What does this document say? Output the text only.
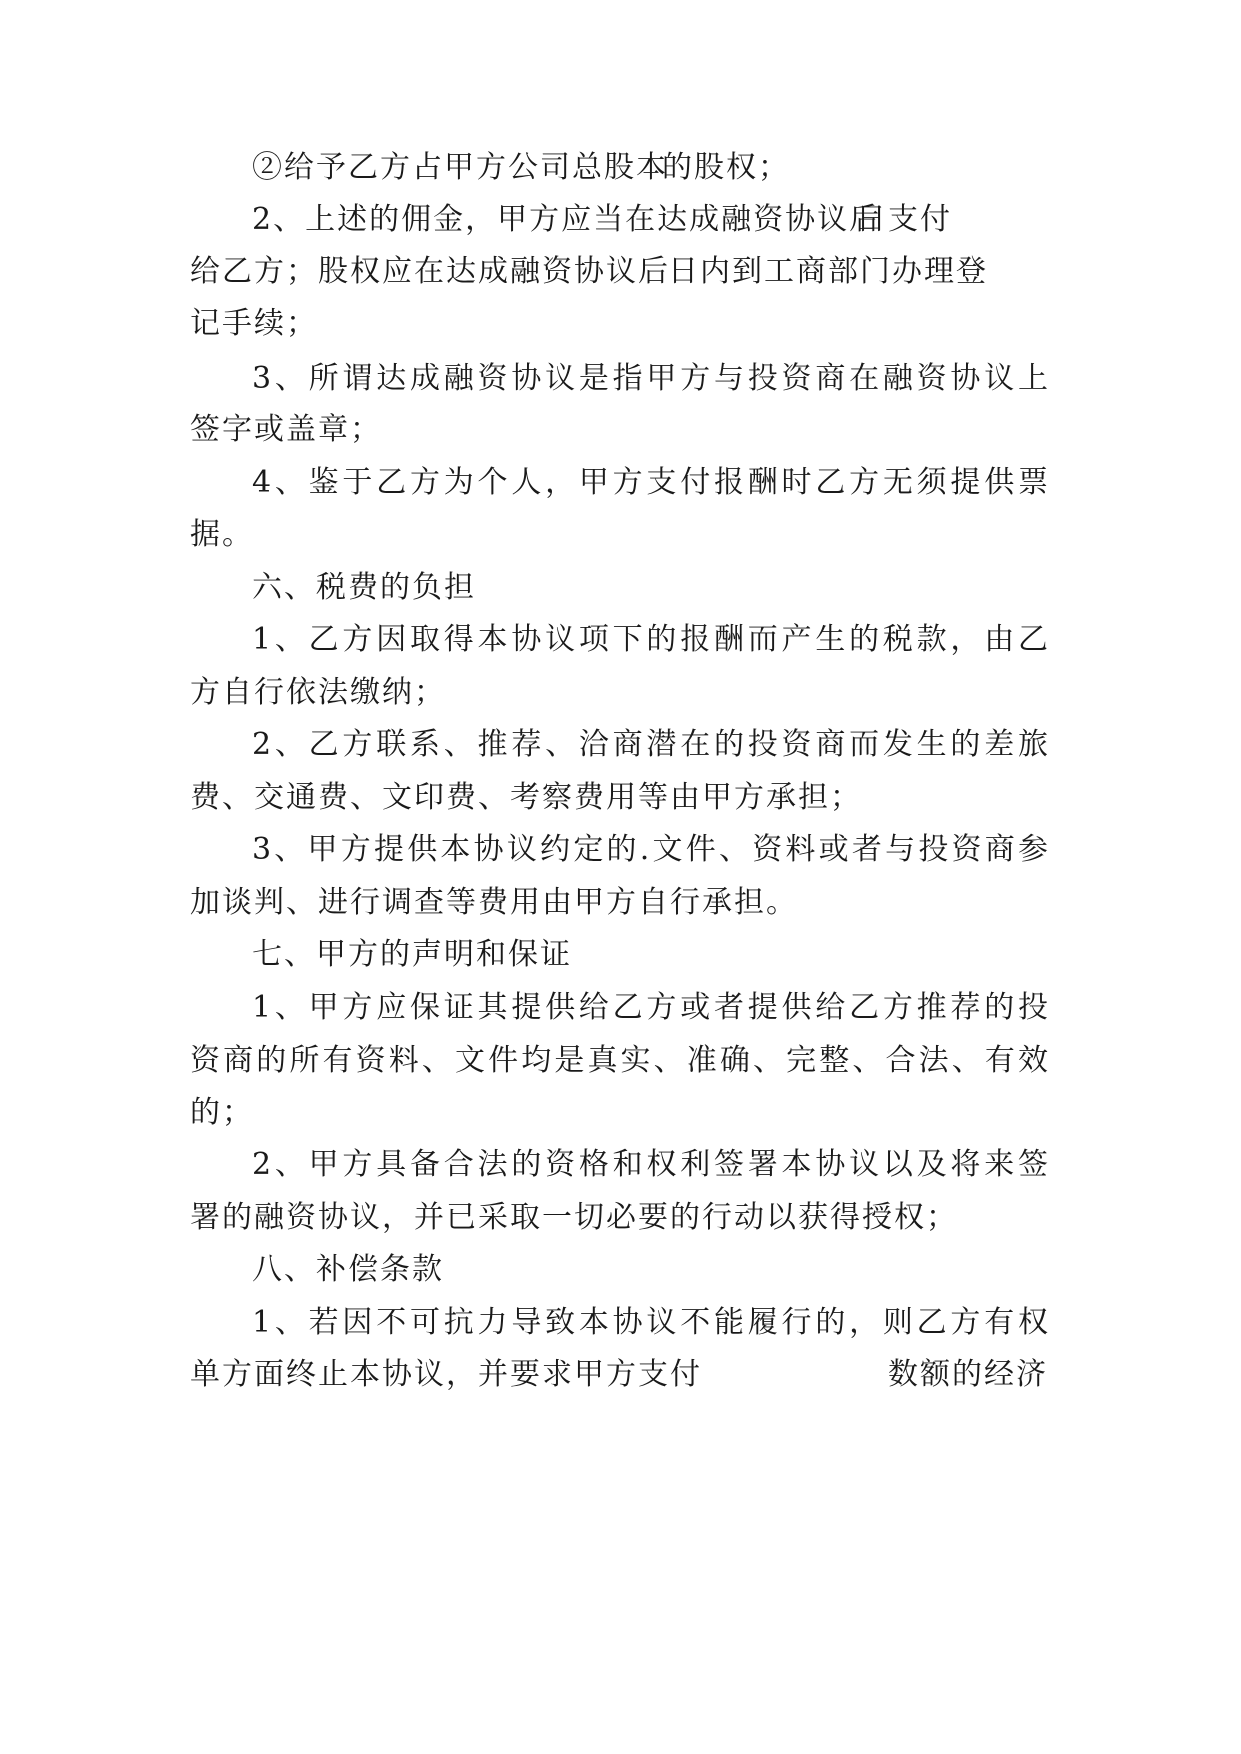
②给予乙方占甲方公司总股本
的股权；
2、上述的佣金，甲方应当在达成融资协议后
日支付
给乙方；股权应在达成融资协议后
日内到工商部门办理登
记手续；
3、所谓达成融资协议是指甲方与投资商在融资协议上
签字或盖章；
4、鉴于乙方为个人，甲方支付报酬时乙方无须提供票
据。
六、税费的负担
1、乙方因取得本协议项下的报酬而产生的税款，由乙
方自行依法缴纳；
2、乙方联系、推荐、洽商潜在的投资商而发生的差旅
费、交通费、文印费、考察费用等由甲方承担；
3、甲方提供本协议约定的.文件、资料或者与投资商参
加谈判、进行调查等费用由甲方自行承担。
七、甲方的声明和保证
1、甲方应保证其提供给乙方或者提供给乙方推荐的投
资商的所有资料、文件均是真实、准确、完整、合法、有效
的；
2、甲方具备合法的资格和权利签署本协议以及将来签
署的融资协议，并已采取一切必要的行动以获得授权；
八、补偿条款
1、若因不可抗力导致本协议不能履行的，则乙方有权
单方面终止本协议，并要求甲方支付	数额的经济
